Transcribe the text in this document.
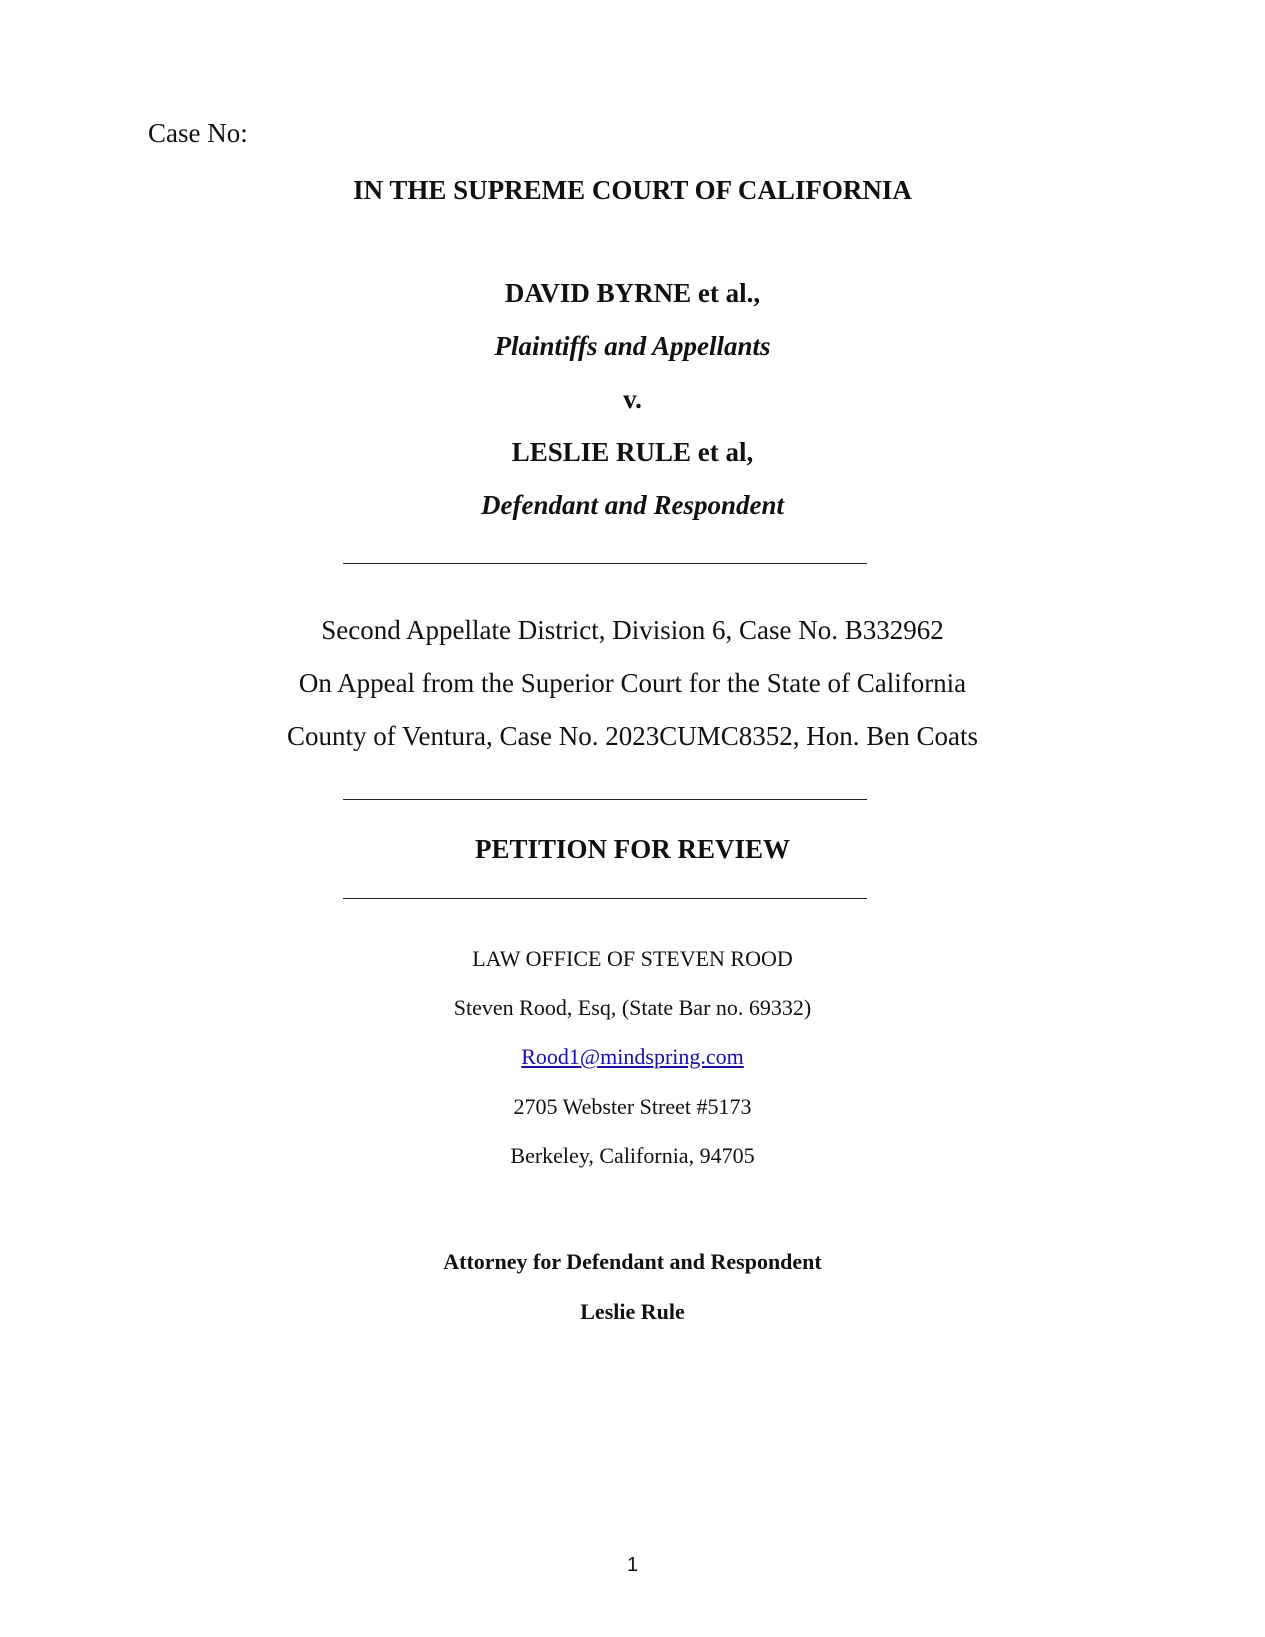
Case No:
IN THE SUPREME COURT OF CALIFORNIA
DAVID BYRNE et al.,
Plaintiffs and Appellants
v.
LESLIE RULE et al,
Defendant and Respondent
Second Appellate District, Division 6, Case No. B332962
On Appeal from the Superior Court for the State of California
County of Ventura, Case No. 2023CUMC8352, Hon. Ben Coats
PETITION FOR REVIEW
LAW OFFICE OF STEVEN ROOD
Steven Rood, Esq, (State Bar no. 69332)
Rood1@mindspring.com
2705 Webster Street #5173
Berkeley, California, 94705
Attorney for Defendant and Respondent
Leslie Rule
1
